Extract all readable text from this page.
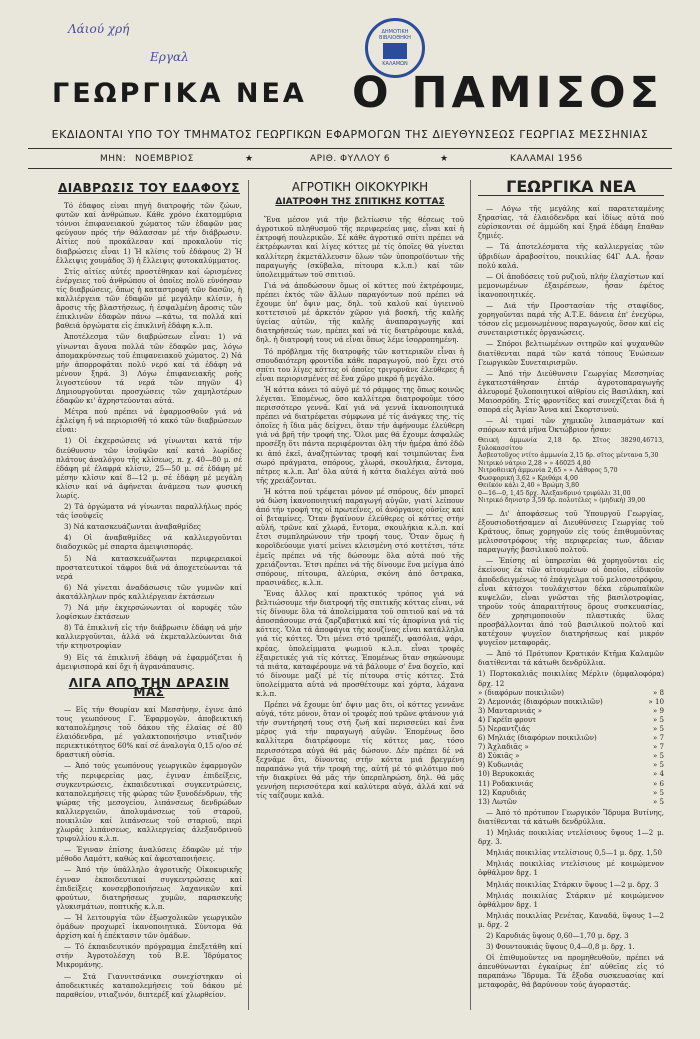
Λάιού χρή
Εργαλ
ΔΗΜΟΤΙΚΗ ΒΙΒΛΙΟΘΗΚΗ
ΚΑΛΑΜΩΝ
ΓΕΩΡΓΙΚΑ ΝΕΑ Ο ΠΑΜΙΣΟΣ
ΕΚΔΙΔΟΝΤΑΙ ΥΠΟ ΤΟΥ ΤΜΗΜΑΤΟΣ ΓΕΩΡΓΙΚΩΝ ΕΦΑΡΜΟΓΩΝ ΤΗΣ ΔΙΕΥΘΥΝΣΕΩΣ ΓΕΩΡΓΙΑΣ ΜΕΣΣΗΝΙΑΣ
ΜΗΝ: ΝΟΕΜΒΡΙΟΣ	★	ΑΡΙΘ. ΦΥΛΛΟΥ 6	★	ΚΑΛΑΜΑΙ 1956
ΔΙΑΒΡΩΣΙΣ ΤΟΥ ΕΔΑΦΟΥΣ

Τό έδαφος είναι πηγή διατροφής τῶν ζώων, φυτῶν καί ἀνθρώπων. Κάθε χρόνο ἑκατομμύρια τόννοι ἐπιφανειακοῦ χώματος τῶν ἐδαφῶν μας φεύγουν πρός τήν θάλασσαν μέ τήν διάβρωσιν. Αἰτίες πού προκάλεσαν καί προκαλοῦν τίς διαβρώσεις εἶναι 1) Ἡ κλίσις τοῦ ἐδάφους 2) Ἡ ἔλλειψις χουμάδος 3) ἡ ἔλλειψις φυτοκαλύμματος.

Στίς αἰτίες αὐτές προστέθηκαν καί ὡρισμένες ἐνέργειες τοῦ ἀνθρώπου οἱ ὁποῖες πολύ εὐνόησαν τίς διαβρώσεις, ὅπως ἡ καταστροφή τῶν δασῶν, ἡ καλλιέργεια τῶν ἐδαφῶν μέ μεγάλην κλίσιν, ἡ ἄροσις τῆς βλαστήσεως, ἡ ἐσφαλμένη ἄροσις τῶν ἐπικλινῶν ἐδαφῶν πάνω —κάτω, τα πολλά καί βαθειά ὀργώματα εἰς ἐπικλινῆ ἐδάφη κ.λ.π.

Ἀποτέλεσμα τῶν διαβρώσεων εἶναι: 1) νά γίνωνται ἄγονα πολλά τῶν ἐδαφῶν μας, λόγω ἀπομακρύνσεως τοῦ ἐπιφανειακοῦ χώματος. 2) Νά μήν ἀπορροφᾶται πολύ νερό καί τά ἐδάφη νά μένουν ξηρά. 3) Λόγω ἐπιφανειακῆς ροῆς λιγοστεύουν τά νερά τῶν πηγῶν 4) Δημιουργοῦνται προσχώσεις τῶν χαμηλοτέρων ἐδαφῶν κι' ἀχρηστεύονται αὐτά.

Μέτρα πού πρέπει νά ἐφαρμοσθοῦν γιά νά ἐκλείψη ἤ νά περιορισθῆ τό κακό τῶν διαβρώσεων εἶναι:

1) Οἱ ἐκχερσώσεις νά γίνωνται κατά τήν διεύθυνσιν τῶν ἰσοϋψῶν καί κατά λωρίδες πλάτους ἀναλόγου τῆς κλίσεως, π. χ. 40—80 μ. σέ ἐδάφη μέ ἐλαφρά κλίσιν, 25—50 μ. σέ ἐδάφη μέ μέσην κλίσιν καί 8—12 μ. σέ ἐδάφη μέ μεγάλη κλίσιν καί νά ἀφήνεται ἀνάμεσα των φυσική λωρίς.

2) Τά ὀργώματα νά γίνωνται παραλλήλως πρός τάς ἰσοϋψεῖς

3) Νά κατασκευάζωνται ἀναβαθμίδες

4) Οἱ ἀναβαθμίδες νά καλλιεργοῦνται διαδοχικῶς μέ σπαρτα ἀμειψισποράς.

5) Νά κατασκευάζωνται περιφερειακοί προστατευτικοί τάφροι διά νά ἀποχετεύωνται τά νερά

6) Νά γίνεται ἀναδάσωσις τῶν γυμνῶν καί ἀκατάλληλων πρός καλλιέργειαν ἐκτάσεων

7) Νά μήν ἐκχερσώνωνται οἱ κορυφές τῶν λοφίσκων ἐκτάσεων

8) Τά ἐπικλινῆ εἰς τήν διάβρωσιν ἐδάφη νά μήν καλλιεργοῦνται, ἀλλά νά ἐκμεταλλεύωνται διά τήν κτηνοτροφίαν

9) Εἰς τά ἐπικλινῆ ἐδάφη νά ἐφαρμόζεται ἡ ἀμειψισπορά καί ὄχι ἡ ἀγρανάπαυσις.

ΛΙΓΑ ΑΠΟ ΤΗΝ ΔΡΑΣΙΝ ΜΑΣ

— Εἰς τήν Θουρίαν καί Μεσσήνην, ἐγινε ἀπό τους γεωπόνους Γ. Ἐφαρμογῶν, ἀποβεικτική καταπολέμησις τοῦ δάκου τῆς ἐλαίας σέ 80 ἐλαιόδενδρα, μέ γαλακτοποιήσιμο ντιαζινόν περιεκτικότητος 60% καί σέ ἀναλογία 0,15 ο/οο σέ δραστική οὐσία.

— Ἀπό τούς γεωπόνους γεωργικῶν ἐφαρμογῶν τῆς περιφερείας μας, ἐγιναν ἐπιδείξεις, συγκεντρώσεις, ἐκπαιδευτικαί συγκεντρώσεις, καταπολεμήσεις τῆς φώρας τῶν ξυνοδένδρων, τῆς ψώρας τῆς μεσογείου, λιπάνσεως δενδρώδων καλλιεργειῶν, ἀπολυμάνσεως τοῦ σταροῦ, ποικιλιῶν καί λιπάνσεως τοῦ σταριοῦ, περί χλωρᾶς λιπάνσεως, καλλιεργείας ἀλεξανδρινοῦ τριφυλλίου κ.λ.π.

— Ἐγιναν ἐπίσης ἀναλύσεις ἐδαφῶν μέ τήν μέθοδο Λαμόττ, καθώς καί ἀφεσταποιήσεις.

— Ἀπό τήν ὑπάλληλο ἀγροτικῆς Οἰκοκυρικῆς ἐγιναν ἐκποιδευτικαί συγκεντρώσεις καί ἐπιδείξεις κονσερβοποιήσεως λαχανικῶν καί φρούτων, διατηρήσεως χυμῶν, παρασκευῆς γλυκισμάτων, ποπτικῆς κ.λ.π.

— Ἡ λειτουργία τῶν ἐξωσχολικῶν γεωργικῶν ὁμάδων προχωρεῖ ἱκανοποιητικά. Σύντομα θά ἀρχίση καί ἡ ἐπέκτασιν τῶν ὁμάδων.

— Τό ἐκπαιδευτικόν πρόγραμμα ἐπεξετάθη καί στήν Ἀγροτολέσχη τοῦ Β.Ε. Ἰδρύματος Μικρομάνης.

— Στά Γιαννιτσάνικα συνεχίστηκαν οἱ ἀποδεικτικές καταπολεμήσεις τοῦ δάκου μέ παραθείον, ντιαζινόν, διπτερέξ καί χλωρθείον.

ΑΓΡΟΤΙΚΗ ΟΙΚΟΚΥΡΙΚΗ
ΔΙΑΤΡΟΦΗ ΤΗΣ ΣΠΙΤΙΚΗΣ ΚΟΤΤΑΣ

Ἕνα μέσον γιά τήν βελτίωσιν τῆς θέσεως τοῦ ἀγροτικοῦ πληθυσμοῦ τῆς περιφερείας μας, εἶναι καί ἡ ἐκτροφή πουλερικῶν. Σέ κάθε ἀγροτικό σπίτι πρέπει νά ἐκτρέφωνται καί λίγες κόττες μέ τίς ὁποῖες θά γίνεται καλλίτερη ἐκμετάλλευσιν ὅλων τῶν ὑποπροϊόντων τῆς παραγωγῆς (σκῦβαλα, πίτουρα κ.λ.π.) καί τῶν ὑπολειμμάτων τοῦ σπιτιοῦ.

Γιά νά ἀποδώσουν ὅμως οἱ κόττες πού ἐκτρέφουμε, πρέπει ἐκτός τῶν ἄλλων παραγόντων πού πρέπει νά ἔχουμε ὑπ' ὄψιν μας, δηλ. τοῦ καλοῦ καί ὑγιεινοῦ κοττετσιοῦ μέ ἀρκετόν χῶρον γιά βοσκή, τῆς καλῆς ὑγείας αὐτῶν, τῆς καλῆς ἀναπαραγωγῆς καί διατηρήσεώς των, πρέπει καί νά τίς διατρέφουμε καλά, δηλ. ἡ διατροφή τους νά εἶναι ὅπως λέμε ἰσορροπημένη.

Τό πρόβλημα τῆς διατροφῆς τῶν κοττερικῶν εἶναι ἡ σπουδαιότερη φροντίδα κάθε παραγωγοῦ, πού ἔχει στό σπίτι του λίγες κόττες οἱ ὁποῖες τριγυρνᾶνε ἐλεύθερες ἤ εἶναι περιορισμένες σέ ἕνα χῶρο μικρό ἤ μεγάλο.

Ἡ κόττα κάνει τό αὐγό μέ τό ράμφος της ὅπως κοινῶς λέγεται. Ἐπομένως, ὅσο καλλίτερα διατροφοῦμε τόσο περισσότερο γεννᾶ. Καί γιά νά γεννᾶ ἱκανοποιητικά πρέπει νά διατρέφεται σύμφωνα μέ τίς ἀνάγκες της, τίς ὁποῖες ἡ ἴδια μᾶς δείχνει, ὅταν τήν ἀφήνουμε ἐλεύθερη γιά νά βρῆ τήν τροφή της. Ὅλοι μας θά ἔχουμε ἀσφαλῶς προσέξη ὅτι πάντα περιφέρονται ὁλη τήν ἡμέρα ἀπό ἐδῶ κι ἀπό ἐκεῖ, ἀναζητώντας τροφή καί τσιμπώντας ἕνα σωρό πράγματα, σπόρους, χλωρά, σκουλήκια, ἔντομα, πέτρες κ.λ.π. Ἀπ' ὅλα αὐτά ἡ κόττα διαλέγει αὐτά πού τῆς χρειάζονται.

Ἡ κόττα πού τρέφεται μόνον μέ σπόρους, δέν μπορεῖ νά δώση ἱκανοποιητική παραγωγή αὐγῶν, γιατί λείπουν ἀπό τήν τροφή της οἱ πρωτεΐνες, οἱ ἀνόργανες οὐσίες καί οἱ βιταμίνες. Ὅταν βγαίνουν ἐλεύθερες οἱ κόττες στήν αὐλή, τρῶνε καί χλωρά, ἔντομα, σκουλήκια κ.λ.π. καί ἔτσι συμπληρώνουν τήν τροφή τους. Ὅταν ὅμως ἡ κοροϊδεύουμε γιατί μείνει κλεισμένη στό κοττέτσι, τότε ἐμεῖς πρέπει νά τῆς δώσουμε ὅλα αὐτά πού τῆς χρειάζονται. Ἐτσι πρέπει νά τῆς δίνουμε ἕνα μείγμα ἀπό σπόρους, πίτουρα, ἀλεύρια, σκόνη ἀπό ὄστρακα, πρασινάδες, κ.λ.π.

Ἕνας ἄλλος καί πρακτικός τρόπος γιά νά βελτιώσουμε τήν διατροφή τῆς σπιτικῆς κόττας εἶναι, νά τίς δίνουμε ὅλα τά ἀπολείμματα τοῦ σπιτιοῦ καί νά τά ἀποσπάσουμε στά ζαρζαβατικά καί τίς ἀποφίνια γιά τίς κόττες. Ὅλα τά ἀποφάγια τῆς κουζίνας εἶναι κατάλληλα γιά τίς κόττες. Ὄτι μένει στό τραπέζι, φασόλια, ψάρι, κρέας, ὑπολείμματα ψωμιοῦ κ.λ.π. εἶναι τροφές ἐξαιρετικές γιά τίς κόττες. Ἐπομένως ὅταν σηκώνουμε τά πιάτα, καταφέρουμε νά τά βάλουμε σ' ἕνα δοχεῖο, καί τό δίνουμε μαζί μέ τίς πίτουρα στίς κόττες. Στά ὑπολείμματα αὐτά νά προσθέτουμε καί χόρτα, λάχανα κ.λ.π.

Πρέπει νά ἔχουμε ὑπ' ὄψιν μας ὅτι, οἱ κόττες γεννᾶνε αὐγά, τότε μόνον, ὅταν οἱ τροφές πού τρῶνε φτάνουν γιά τήν συντήρησή τους στή ζωή καί περισσεύει καί ἕνα μέρος γιά τήν παραγωγή αὐγῶν. Ἐπομένως ὅσο καλλίτερα διατρέφουμε τίς κόττες μας, τόσο περισσότερα αὐγά θά μᾶς δώσουν. Δέν πρέπει δέ νά ξεχνᾶμε ὅτι, δίνοντας στήν κόττα μιά βρεγμένη παραπάνω γιά τήν τροφή της, αὐτή μέ τό φιλότιμο πού τήν διακρίνει θά μᾶς τήν ὑπερπληρώση, δηλ. θά μᾶς γεννήση περισσότερα καί καλύτερα αὐγά, ἀλλά καί νά τίς ταΐζουμε καλά.

ΓΕΩΡΓΙΚΑ ΝΕΑ

— Λόγω τῆς μεγάλης καί παρατεταμένης ξηρασίας, τά ἐλαιόδενδρα καί ἰδίως αὐτά πού εὑρίσκονται σέ ἀμμώδη καί ξηρά ἐδάφη ἔπαθαν ζημιές.

— Τά ἀποτελέσματα τῆς καλλιεργείας τῶν ὑβριδίων ἀραβοσίτου, ποικιλίας 64Γ Α.Α. ἦσαν πολύ καλά.

— Οἱ ἀποδόσεις τοῦ ρυζιοῦ, πλήν ἐλαχίστων καί μεμονωμένων ἐξαιρέσεων, ἦσαν ἐφέτος ἱκανοποιητικές.

— Διά τήν Προστασίαν τῆς σταφίδος, χορηγοῦνται παρά τῆς Α.Τ.Ε. δάνεια ἐπ' ἐνεχύρω, τόσον εἰς μεμονωμένους παραγωγούς, ὅσον καί εἰς συνεταιριστικές ὀργανώσεις.

— Σπόροι βελτιωμένων σιτηρῶν καί ψυχανθῶν διατίθενται παρά τῶν κατά τόπους Ἑνώσεων Γεωργικῶν Συνεταιρισμῶν.

— Ἀπό τήν Διεύθυνσιν Γεωργίας Μεσσηνίας ἐγκατεστάθησαν ἑπτάρ ἀγροτοπαραγωγῆς ἀλευρομέ ξυλοποιητικοί αἰθρίου εἰς Βασιλάκη, καί Μαιοσρόδη. Στίς φροντίδες καί συνεχίζεται διά ἡ σπορά εἰς Ἀγίαν Ἄννα καί Σκορτσινού.

— Αἱ τιμαί τῶν χημικῶν λιπασμάτων καί σπόρων κατά μῆνα Ὀκτώβριον ἦσαν:

Θειική ἀμμωνία 2,18 δρ. Σῖτος 38290,46713, ξυλοκασσίτου
Ἀσβεστοῦχος ντίτο ἀμμωνία 2,15 δρ. σῖτος μέντανα 5,30
Νιτρικό νάτριο 2,28 » » 46025 4,80
Νιτροθειική ἀμμωνία 2,65 » » Λάθυρος 5,70
Φωσφορική 3,62 » Κριθάρι 4,00
Θειϊκόν κάλι 2,40 » Βρώμη 3,80
0—16—0, 1,45 δρχ. Ἀλεξανδρινό τριφύλλι 31,00
Νιτρικό δηνιστρ 3,59 δρ. πολυτέλες » (μηδική) 39,00

— Δι' ἀποφάσεως τοῦ Ὑπουργοῦ Γεωργίας, ἐξουσιοδοτήσαμεν αἱ Διευθύνσεις Γεωργίας τοῦ Κράτους, ὅπως χορηγοῦν εἰς τούς ἐπιθυμοῦντας μελισσοτρόφους τῆς περιφερείας των, ἄδειαν παραγωγῆς βασιλικοῦ πολτοῦ.

— Ἐπίσης αἱ ὑπηρεσίαι θά χορηγοῦνται εἰς ἐκείνους ἐκ τῶν αἰτουμένων οἱ ὁποῖοι, εἰδικοῦν ἀποδεδειγμένως τό ἐπάγγελμα τοῦ μελισσοτρόφου, εἶναι κάτοχοι τουλάχιστον δέκα εὐρωπαϊκῶν κυψελῶν, εἶναι γνῶσται τῆς βασιλοτροφίας, τηροῦν τούς ἀπαραιτήτους ὅρους συσκευασίας, δέν χρησιμοποιοῦν πλαστικάς ὕλας προσβάλλονται ἀπό τοῦ βασιλικοῦ πολτοῦ καί κατέχουν ψυγεῖον διατηρήσεως καί μικρόν ψυγεῖον μεταφορᾶς.

— Ἀπό τό Πρότυπον Κρατικόν Κτῆμα Καλαμῶν διατίθενται τά κάτωθι δενδρύλλια.

1) Πορτοκαλιᾶς ποικιλίας Μέρλιν (ὀμφαλοφόρα) δρχ. 12
» (διαφόρων ποικιλιῶν)	» 8
2) Λεμονιάς (διαφόρων ποικιλιῶν)	» 10
3) Μανταρινιάς »	» 9
4) Γκρέϊπ φρουτ	» 5
5) Νεραντζιάς	» 5
6) Μηλιάς (διαφόρων ποικιλιῶν)	» 7
7) Ἀχλαδιᾶς »	» 7
8) Σύκιᾶς »	» 5
9) Κυδωνιάς	» 5
10) Βερυκοκιάς	» 4
11) Ροδακινιάς	» 6
12) Καρυδιάς	» 5
13) Λωτῶν	» 5

— Ἀπό τό πρότυπον Γεωργικόν Ἴδρυμα Βυτίνης, διατίθενται τά κάτωθι δενδρύλλια.

1) Μηλιάς ποικιλίας ντελίσιους ὕψους 1—2 μ. δρχ. 3.

Μηλιάς ποικιλίας ντελίσιους 0,5—1 μ. δρχ. 1,50

Μηλιάς ποικιλίας ντελίσιους μέ κοιμώμενον ὀφθάλμον δρχ. 1

Μηλιάς ποικιλίας Στάρκιν ὕψους 1—2 μ. δρχ. 3

Μηλιάς ποικιλίας Στάρκιν μέ κοιμώμενον ὀφθάλμον δρχ. 1

Μηλιάς ποικιλίας Ρενέτας, Καναδά, ὕψους 1—2 μ. δρχ. 2

2) Καρυδιάς ὕψους 0,60—1,70 μ. δρχ. 3

3) Φουντουκιάς ὕψους 0,4—0,8 μ. δρχ. 1.

Οἱ ἐπιθυμοῦντες να προμηθευθοῦν, πρέπει νά ἀπευθύνωνται ἐγκαίρως ἐπ' αὐθεῖας εἰς τό παραπάνω Ἵδρυμα. Τά ἔξοδα συσκευασίας καί μεταφορᾶς, θά βαρύνουν τούς ἀγοραστάς.
